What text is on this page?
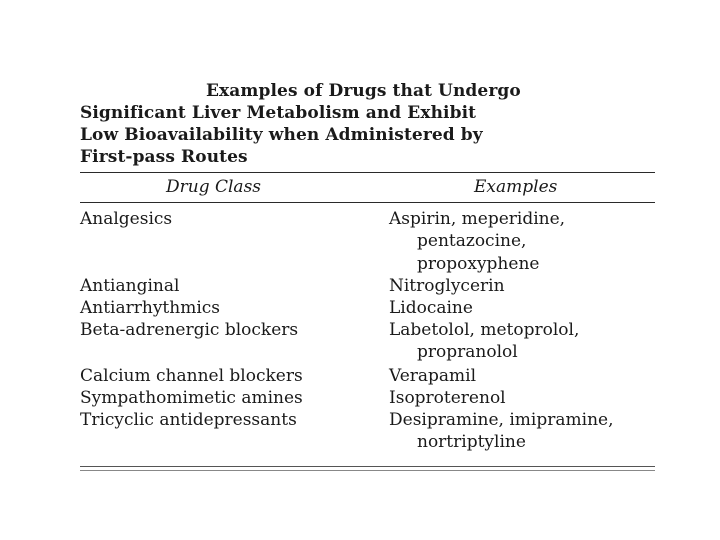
Examples of Drugs that Undergo
Significant Liver Metabolism and Exhibit
Low Bioavailability when Administered by
First-pass Routes
Drug Class	Examples
Analgesics	Aspirin, meperidine,
pentazocine,
propoxyphene
Antianginal	Nitroglycerin
Antiarrhythmics	Lidocaine
Beta-adrenergic blockers	Labetolol, metoprolol,
propranolol
Calcium channel blockers	Verapamil
Sympathomimetic amines	Isoproterenol
Tricyclic antidepressants	Desipramine, imipramine,
nortriptyline
